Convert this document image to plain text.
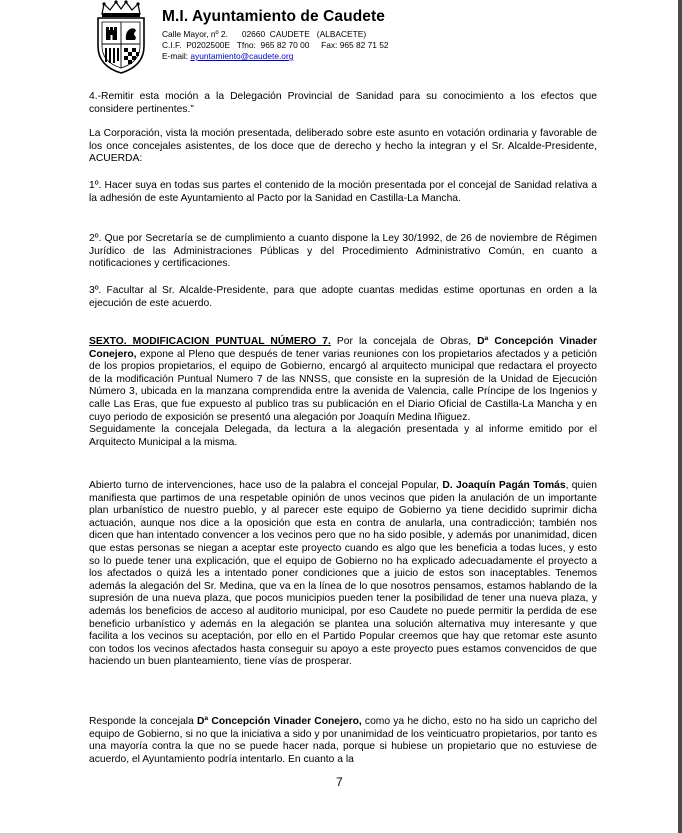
M.I. Ayuntamiento de Caudete
Calle Mayor, nº 2.      02660  CAUDETE   (ALBACETE)
C.I.F.  P0202500E   Tfno:  965 82 70 00     Fax: 965 82 71 52
E-mail: ayuntamiento@caudete.org

4.-Remitir esta moción a la Delegación Provincial de Sanidad para su conocimiento a los efectos que considere pertinentes.”

La Corporación, vista la moción presentada, deliberado sobre este asunto en votación ordinaria y favorable de los once concejales asistentes, de los doce que de derecho y hecho la integran y el Sr. Alcalde-Presidente, ACUERDA:

1º. Hacer suya en todas sus partes el contenido de la moción presentada por el concejal de Sanidad relativa a la adhesión de este Ayuntamiento al Pacto por la Sanidad en Castilla-La Mancha.

2º. Que por Secretaría se de cumplimiento a cuanto dispone la Ley 30/1992, de 26 de noviembre de Régimen Jurídico de las Administraciones Públicas y del Procedimiento Administrativo Común, en cuanto a notificaciones y certificaciones.

3º. Facultar al Sr. Alcalde-Presidente, para que adopte cuantas medidas estime oportunas en orden a la ejecución de este acuerdo.

SEXTO. MODIFICACION PUNTUAL NÚMERO 7. Por la concejala de Obras, Dª Concepción Vinader Conejero, expone al Pleno que después de tener varias reuniones con los propietarios afectados y a petición de los propios propietarios, el equipo de Gobierno, encargó al arquitecto municipal que redactara el proyecto de la modificación Puntual Numero 7 de las NNSS, que consiste en la supresión de la Unidad de Ejecución Número 3, ubicada en la manzana comprendida entre la avenida de Valencia, calle Príncipe de los Ingenios y calle Las Eras, que fue expuesto al publico tras su publicación en el Diario Oficial de Castilla-La Mancha y en cuyo periodo de exposición se presentó una alegación por Joaquín Medina Iñiguez.

Seguidamente la concejala Delegada, da lectura a la alegación presentada y al informe emitido por el Arquitecto Municipal a la misma.

Abierto turno de intervenciones, hace uso de la palabra el concejal Popular, D. Joaquín Pagán Tomás, quien manifiesta que partimos de una respetable opinión de unos vecinos que piden la anulación de un importante plan urbanístico de nuestro pueblo, y al parecer este equipo de Gobierno ya tiene decidido suprimir dicha actuación, aunque nos dice a la oposición que esta en contra de anularla, una contradicción; también nos dicen que han intentado convencer a los vecinos pero que no ha sido posible, y además por unanimidad, dicen que estas personas se niegan a aceptar este proyecto cuando es algo que les beneficia a todas luces, y esto so lo puede tener una explicación, que el equipo de Gobierno no ha explicado adecuadamente el proyecto a los afectados o quizá les a intentado poner condiciones que a juicio de estos son inaceptables. Tenemos además la alegación del Sr. Medina, que va en la línea de lo que nosotros pensamos, estamos hablando de la supresión de una nueva plaza, que pocos municipios pueden tener la posibilidad de tener una nueva plaza, y además los beneficios de acceso al auditorio municipal, por eso Caudete no puede permitir la perdida de ese beneficio urbanístico y además en la alegación se plantea una solución alternativa muy interesante y que facilita a los vecinos su aceptación, por ello en el Partido Popular creemos que hay que retomar este asunto con todos los vecinos afectados hasta conseguir su apoyo a este proyecto pues estamos convencidos de que haciendo un buen planteamiento, tiene vías de prosperar.

Responde la concejala Dª Concepción Vinader Conejero, como ya he dicho, esto no ha sido un capricho del equipo de Gobierno, si no que la iniciativa a sido y por unanimidad de los veinticuatro propietarios, por tanto es una mayoría contra la que no se puede hacer nada, porque si hubiese un propietario que no estuviese de acuerdo, el Ayuntamiento podría intentarlo. En cuanto a la

7
